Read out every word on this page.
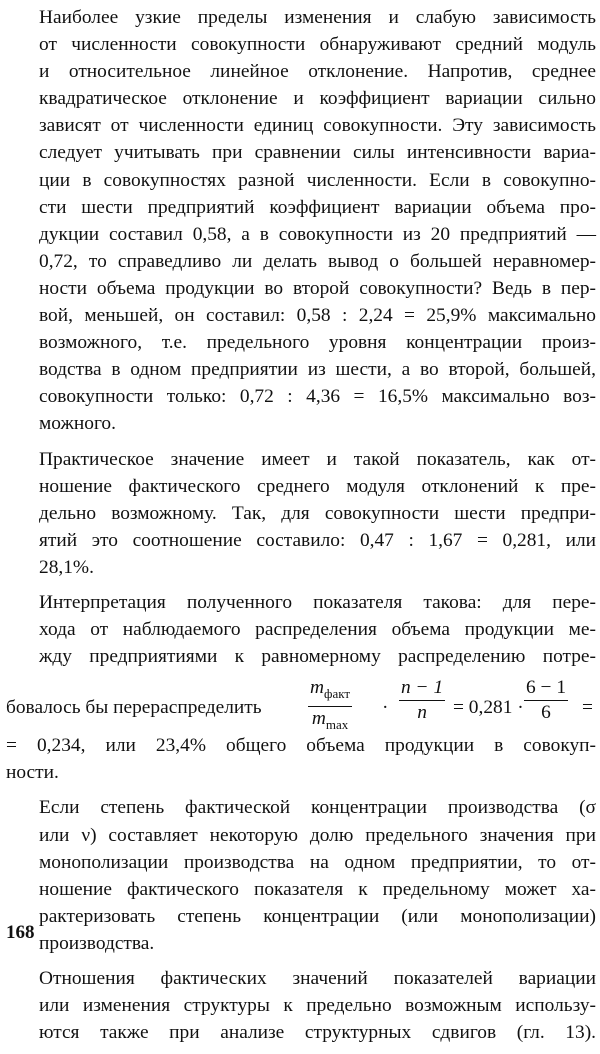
Наиболее узкие пределы изменения и слабую зависимость
от численности совокупности обнаруживают средний модуль
и относительное линейное отклонение. Напротив, среднее
квадратическое отклонение и коэффициент вариации сильно
зависят от численности единиц совокупности. Эту зависимость
следует учитывать при сравнении силы интенсивности вариа-
ции в совокупностях разной численности. Если в совокупно-
сти шести предприятий коэффициент вариации объема про-
дукции составил 0,58, а в совокупности из 20 предприятий —
0,72, то справедливо ли делать вывод о большей неравномер-
ности объема продукции во второй совокупности? Ведь в пер-
вой, меньшей, он составил: 0,58 : 2,24 = 25,9% максимально
возможного, т.е. предельного уровня концентрации произ-
водства в одном предприятии из шести, а во второй, большей,
совокупности только: 0,72 : 4,36 = 16,5% максимально воз-
можного.
Практическое значение имеет и такой показатель, как от-
ношение фактического среднего модуля отклонений к пре-
дельно возможному. Так, для совокупности шести предпри-
ятий это соотношение составило: 0,47 : 1,67 = 0,281, или
28,1%.
Интерпретация полученного показателя такова: для пере-
хода от наблюдаемого распределения объема продукции ме-
жду предприятиями к равномерному распределению потре-
бовалось бы перераспределить
$m_{факт}$
$m_{max}$
· $\frac{n - 1}{n} = 0,281 \cdot \frac{6 - 1}{6}$ =
= 0,234, или 23,4% общего объема продукции в совокуп-
ности.
Если степень фактической концентрации производства (σ
или ν) составляет некоторую долю предельного значения при
монополизации производства на одном предприятии, то от-
ношение фактического показателя к предельному может ха-
рактеризовать степень концентрации (или монополизации)
производства.
Отношения фактических значений показателей вариации
или изменения структуры к предельно возможным использу-
ются также при анализе структурных сдвигов (гл. 13).
168
